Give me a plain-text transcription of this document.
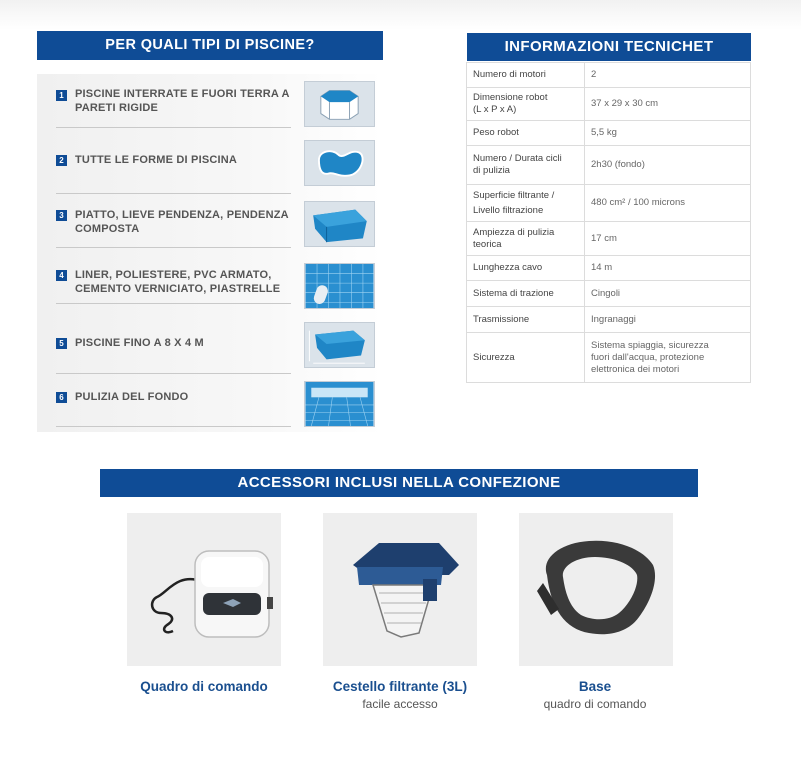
PER QUALI TIPI DI PISCINE?
1 PISCINE INTERRATE E FUORI TERRA A PARETI RIGIDE
2 TUTTE LE FORME DI PISCINA
3 PIATTO, LIEVE PENDENZA, PENDENZA COMPOSTA
4 LINER, POLIESTERE, PVC ARMATO, CEMENTO VERNICIATO, PIASTRELLE
5 PISCINE FINO A 8 X 4 M
6 PULIZIA DEL FONDO
INFORMAZIONI TECNICHET
Numero di motori	2
Dimensione robot
(L x P x A)	37 x 29 x 30 cm
Peso robot	5,5 kg
Numero / Durata cicli
di pulizia	2h30 (fondo)
Superficie filtrante /
Livello filtrazione	480 cm² / 100 microns
Ampiezza di pulizia
teorica	17 cm
Lunghezza cavo	14 m
Sistema di trazione	Cingoli
Trasmissione	Ingranaggi
Sicurezza	Sistema spiaggia, sicurezza
fuori dall'acqua, protezione
elettronica dei motori
ACCESSORI INCLUSI NELLA CONFEZIONE
Quadro di comando	Cestello filtrante (3L)
facile accesso
Base
quadro di comando
